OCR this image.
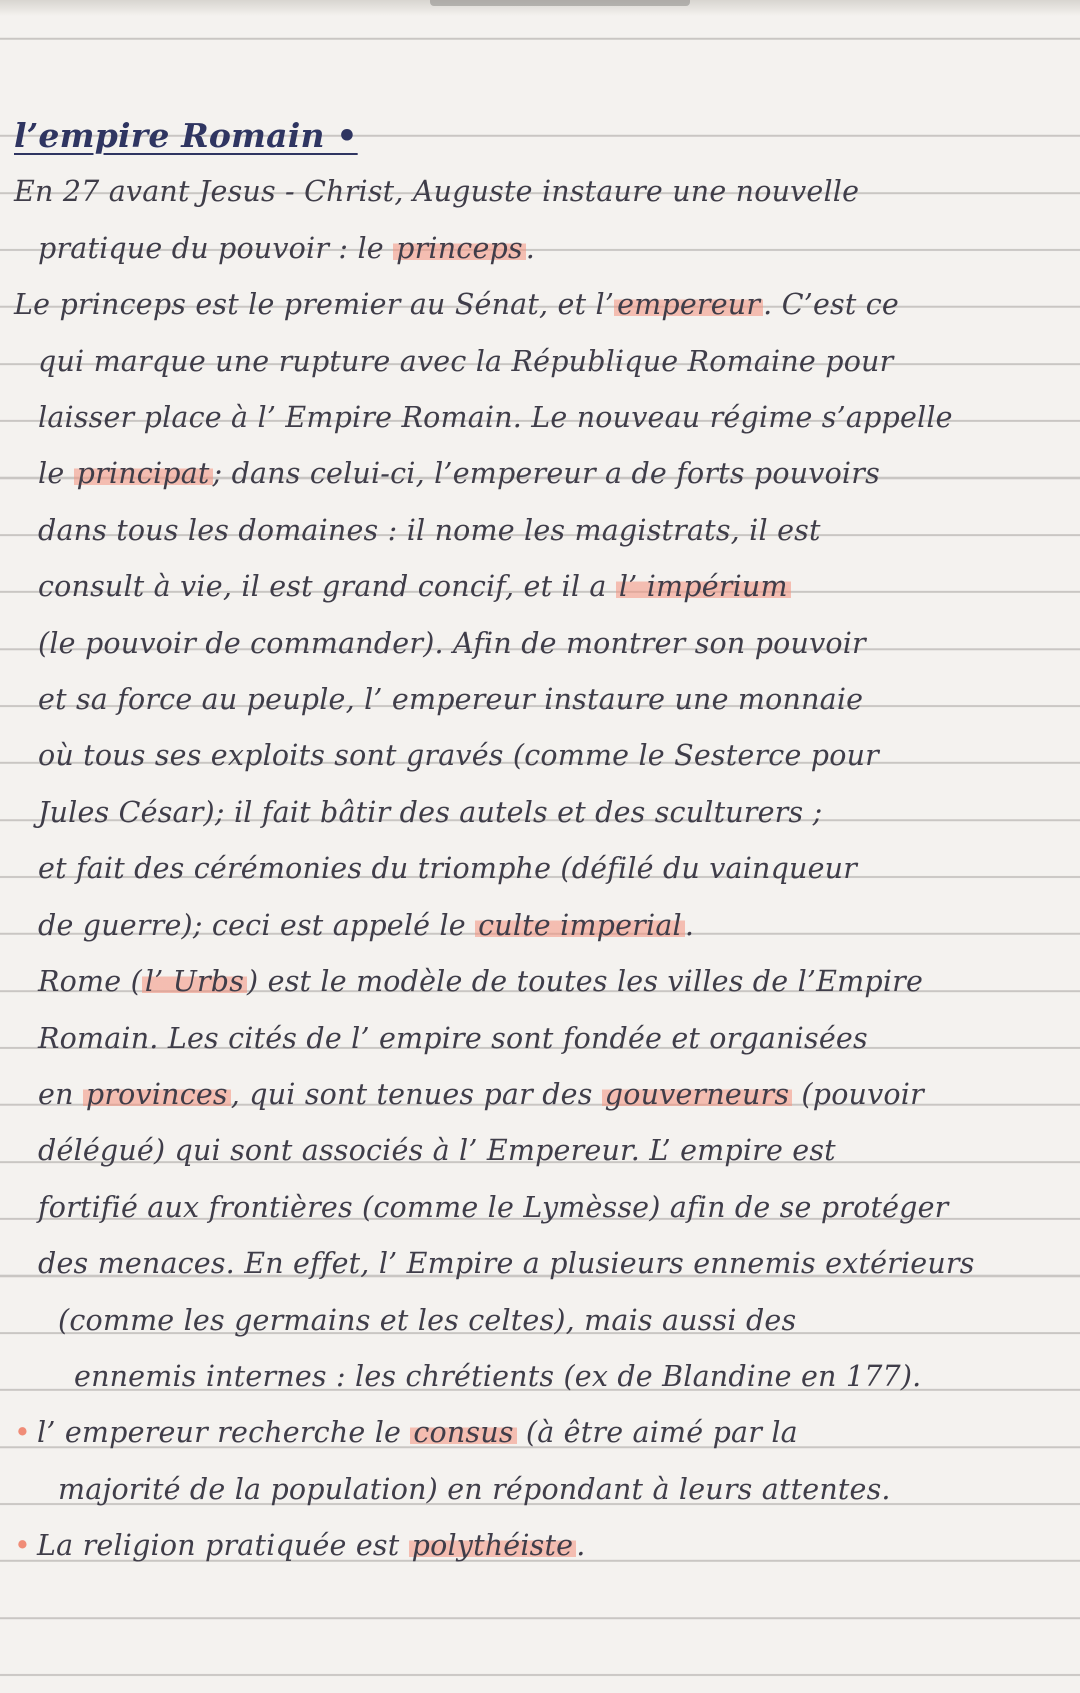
l’empire Romain •
En 27 avant Jesus - Christ, Auguste instaure une nouvelle
pratique du pouvoir : le princeps .
Le princeps est le premier au Sénat, et l’ empereur . C’est ce
qui marque une rupture avec la République Romaine pour
laisser place à l’ Empire Romain. Le nouveau régime s’appelle
le principat ; dans celui-ci, l’empereur a de forts pouvoirs
dans tous les domaines : il nome les magistrats, il est
consult à vie, il est grand concif, et il a l’ impérium
(le pouvoir de commander). Afin de montrer son pouvoir
et sa force au peuple, l’ empereur instaure une monnaie
où tous ses exploits sont gravés (comme le Sesterce pour
Jules César); il fait bâtir des autels et des sculturers ;
et fait des cérémonies du triomphe (défilé du vainqueur
de guerre); ceci est appelé le culte imperial .
Rome ( l’ Urbs ) est le modèle de toutes les villes de l’Empire
Romain. Les cités de l’ empire sont fondée et organisées
en provinces , qui sont tenues par des gouverneurs (pouvoir
délégué) qui sont associés à l’ Empereur. L’ empire est
fortifié aux frontières (comme le Lymèsse) afin de se protéger
des menaces. En effet, l’ Empire a plusieurs ennemis extérieurs
(comme les germains et les celtes), mais aussi des
ennemis internes : les chrétients (ex de Blandine en 177).
• l’ empereur recherche le consus (à être aimé par la
majorité de la population) en répondant à leurs attentes.
• La religion pratiquée est polythéiste .
